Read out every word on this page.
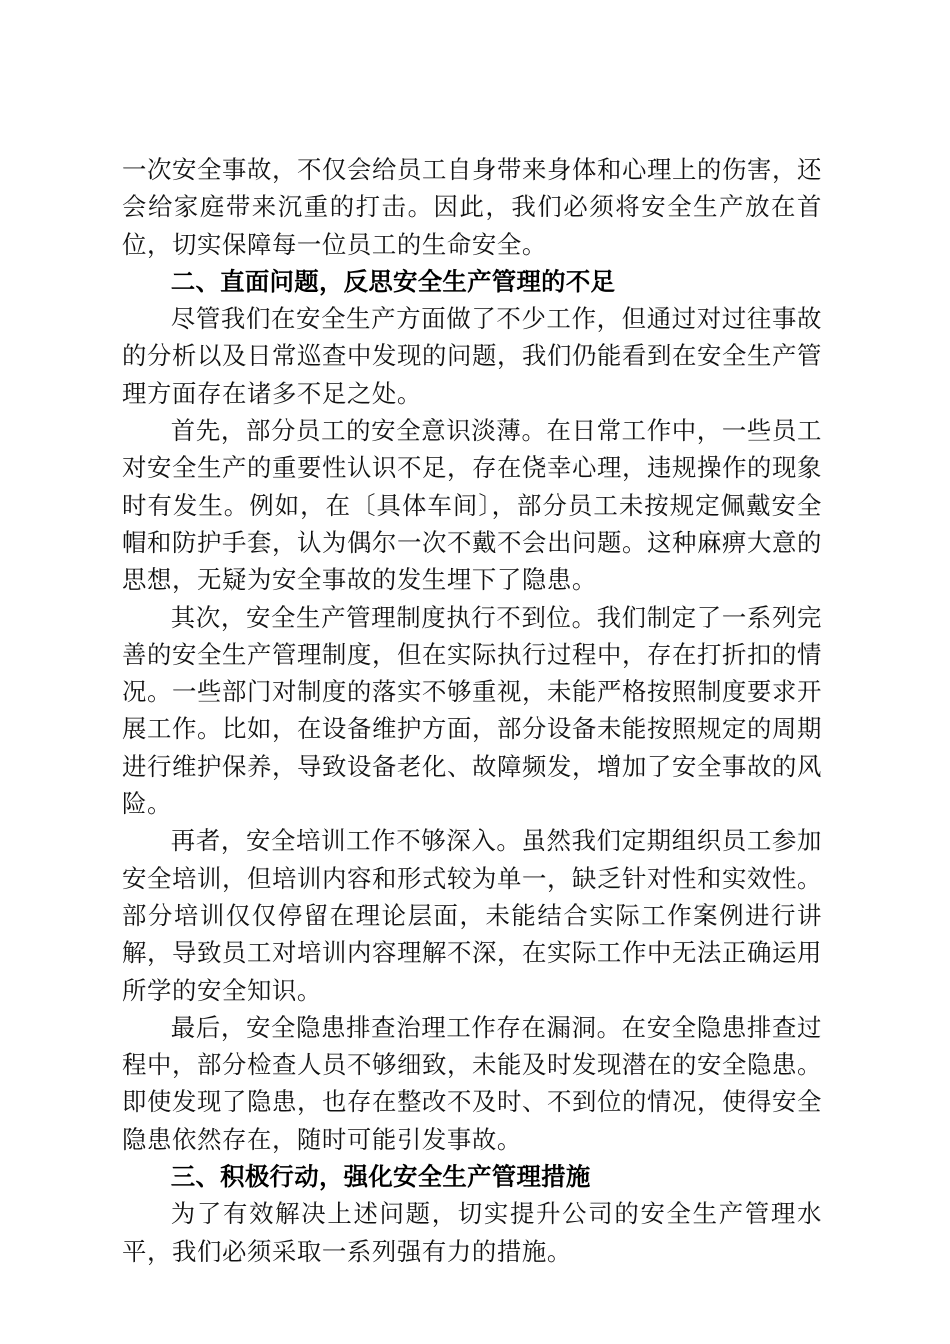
一次安全事故，不仅会给员工自身带来身体和心理上的伤害，还会给家庭带来沉重的打击。因此，我们必须将安全生产放在首位，切实保障每一位员工的生命安全。

二、直面问题，反思安全生产管理的不足

尽管我们在安全生产方面做了不少工作，但通过对过往事故的分析以及日常巡查中发现的问题，我们仍能看到在安全生产管理方面存在诸多不足之处。

首先，部分员工的安全意识淡薄。在日常工作中，一些员工对安全生产的重要性认识不足，存在侥幸心理，违规操作的现象时有发生。例如，在〔具体车间〕，部分员工未按规定佩戴安全帽和防护手套，认为偶尔一次不戴不会出问题。这种麻痹大意的思想，无疑为安全事故的发生埋下了隐患。

其次，安全生产管理制度执行不到位。我们制定了一系列完善的安全生产管理制度，但在实际执行过程中，存在打折扣的情况。一些部门对制度的落实不够重视，未能严格按照制度要求开展工作。比如，在设备维护方面，部分设备未能按照规定的周期进行维护保养，导致设备老化、故障频发，增加了安全事故的风险。

再者，安全培训工作不够深入。虽然我们定期组织员工参加安全培训，但培训内容和形式较为单一，缺乏针对性和实效性。部分培训仅仅停留在理论层面，未能结合实际工作案例进行讲解，导致员工对培训内容理解不深，在实际工作中无法正确运用所学的安全知识。

最后，安全隐患排查治理工作存在漏洞。在安全隐患排查过程中，部分检查人员不够细致，未能及时发现潜在的安全隐患。即使发现了隐患，也存在整改不及时、不到位的情况，使得安全隐患依然存在，随时可能引发事故。

三、积极行动，强化安全生产管理措施

为了有效解决上述问题，切实提升公司的安全生产管理水平，我们必须采取一系列强有力的措施。
